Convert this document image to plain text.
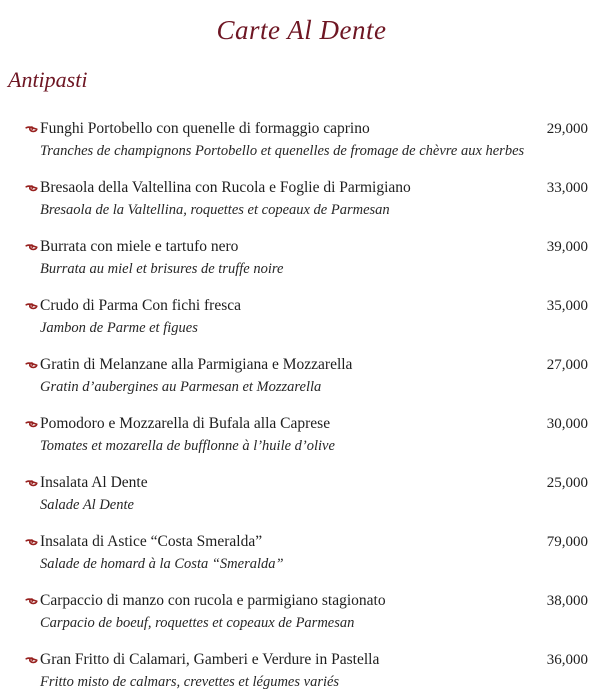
Carte Al Dente
Antipasti
Funghi Portobello con quenelle di formaggio caprino	29,000
Tranches de champignons Portobello et quenelles de fromage de chèvre aux herbes
Bresaola della Valtellina con Rucola e Foglie di Parmigiano	33,000
Bresaola de la Valtellina, roquettes et copeaux de Parmesan
Burrata con miele e tartufo nero	39,000
Burrata au miel et brisures de truffe noire
Crudo di Parma Con fichi fresca	35,000
Jambon de Parme et figues
Gratin di Melanzane alla Parmigiana e Mozzarella	27,000
Gratin d’aubergines au Parmesan et Mozzarella
Pomodoro e Mozzarella di Bufala alla Caprese	30,000
Tomates et mozarella de bufflonne à l’huile d’olive
Insalata Al Dente	25,000
Salade Al Dente
Insalata di Astice “Costa Smeralda”	79,000
Salade de homard à la Costa “Smeralda”
Carpaccio di manzo con rucola e parmigiano stagionato	38,000
Carpacio de boeuf, roquettes et copeaux de Parmesan
Gran Fritto di Calamari, Gamberi e Verdure in Pastella	36,000
Fritto misto de calmars, crevettes et légumes variés
